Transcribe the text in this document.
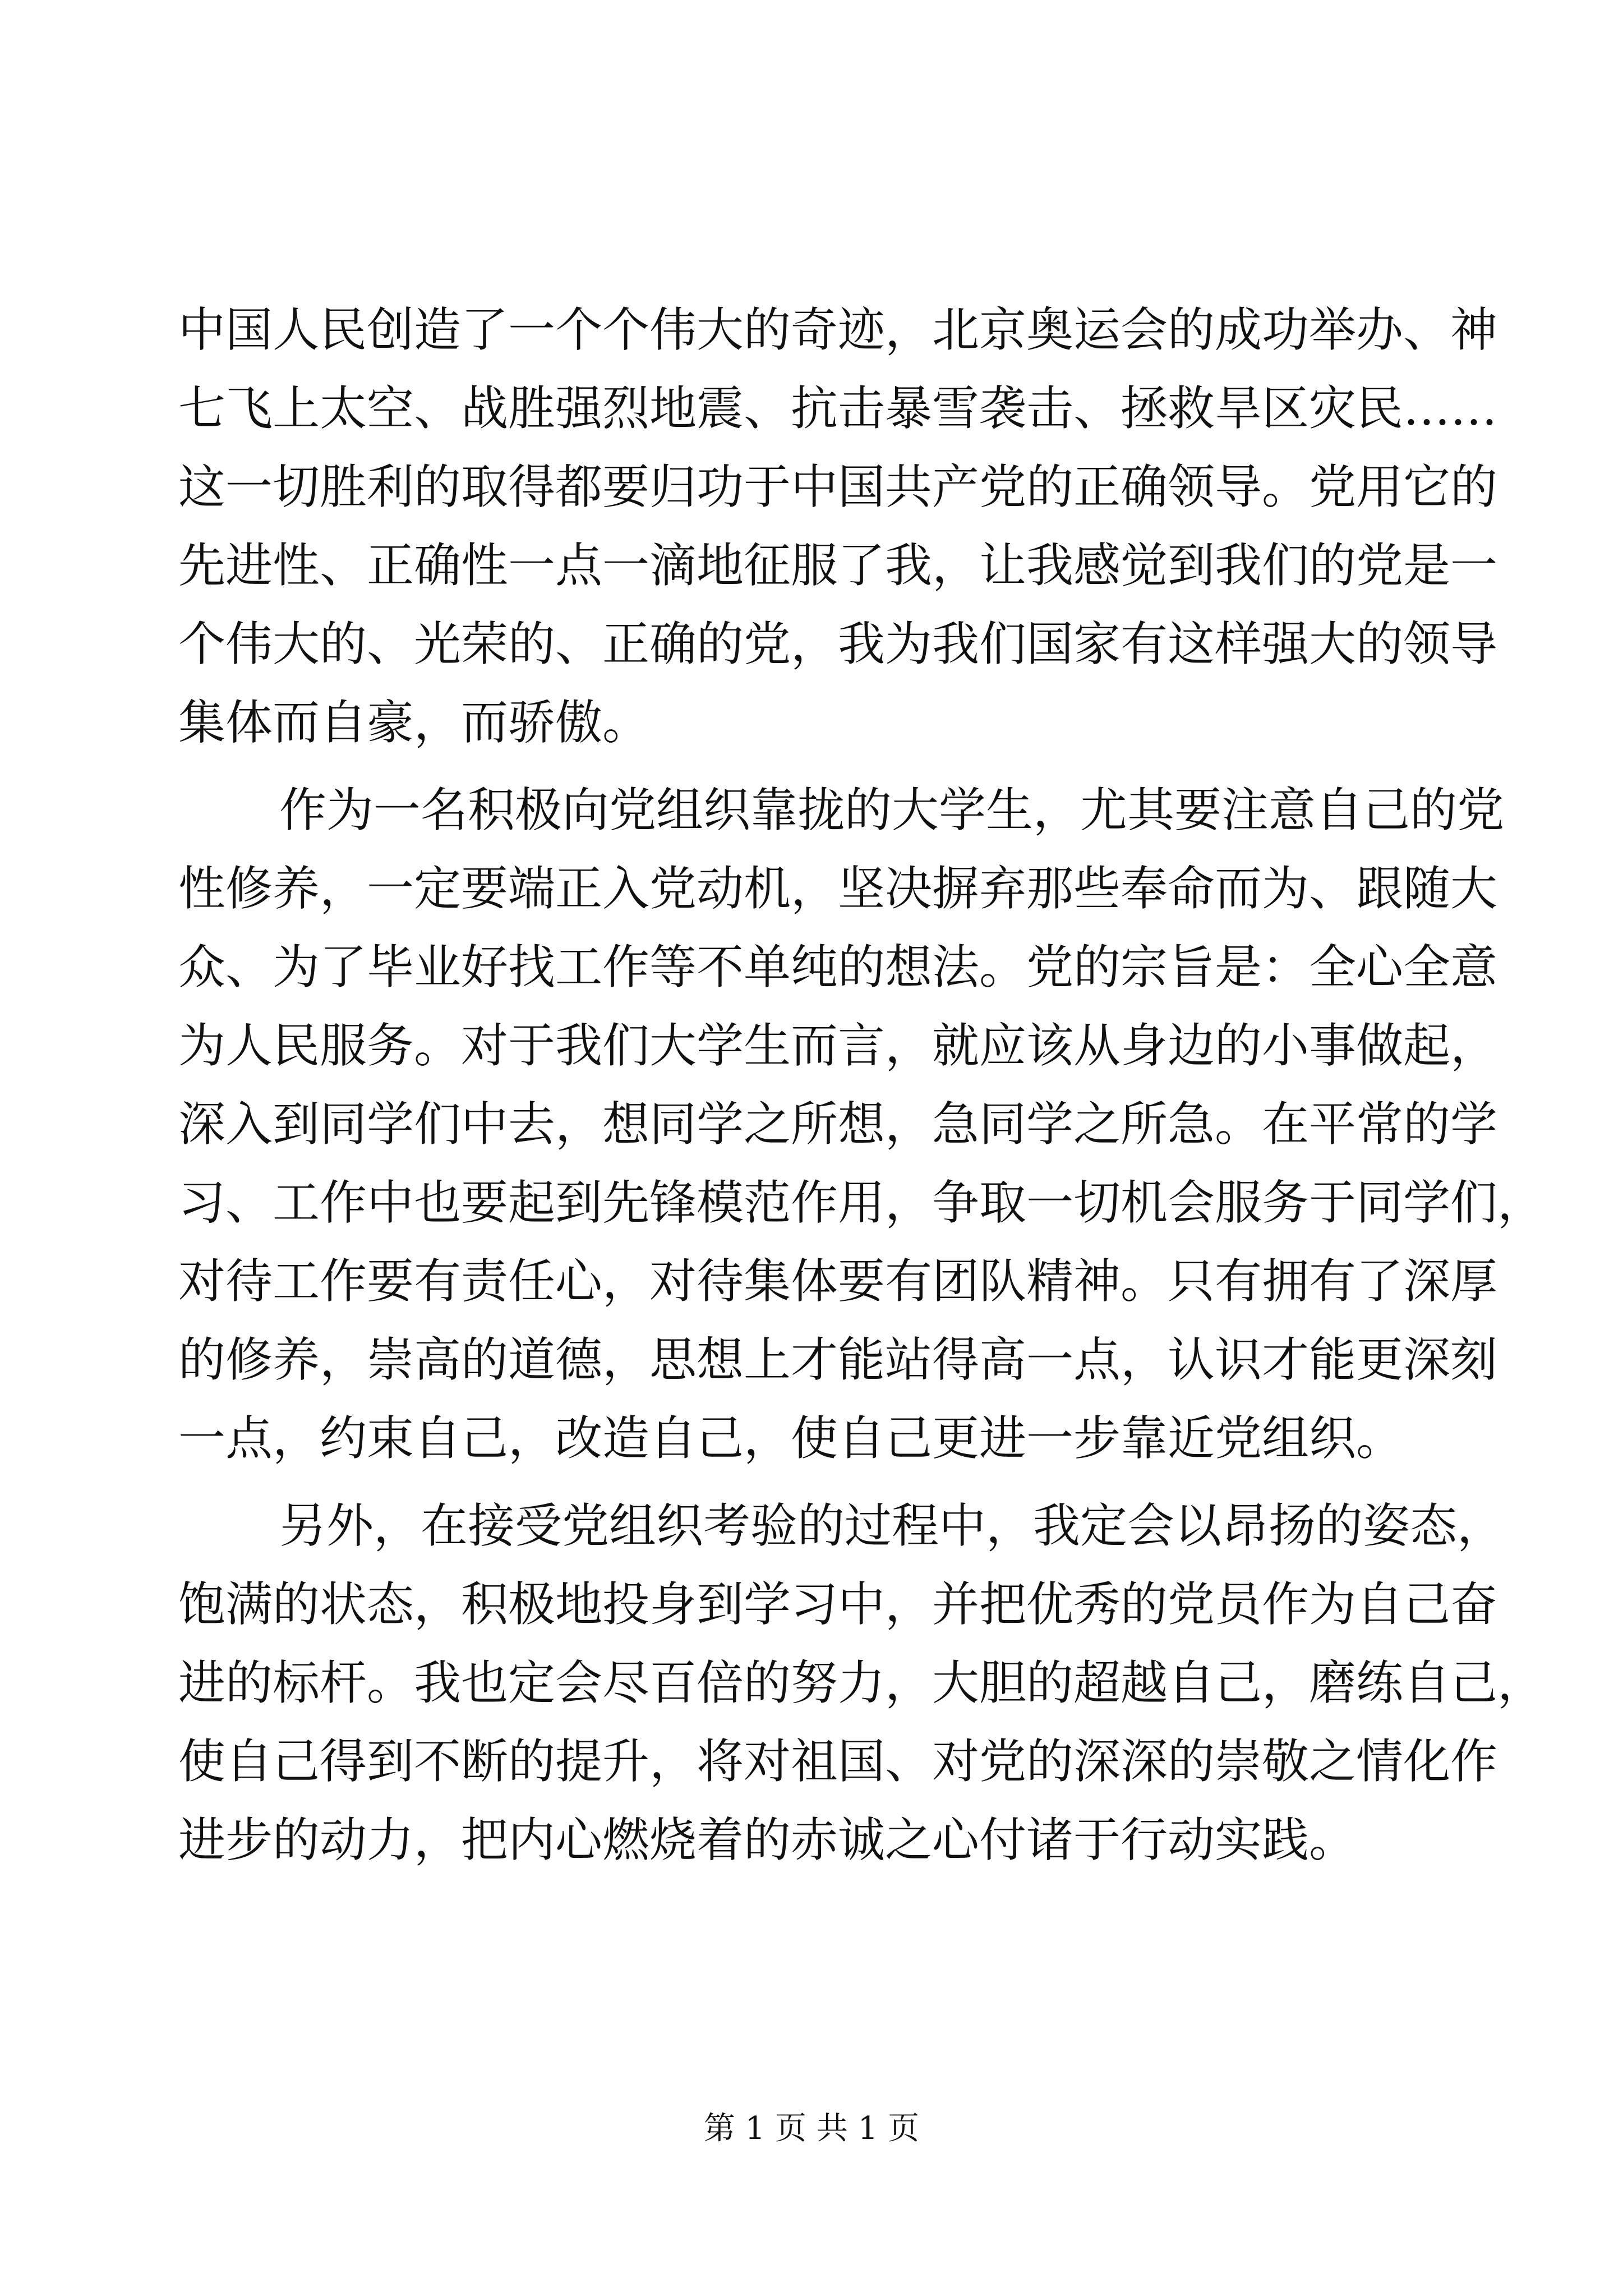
中国人民创造了一个个伟大的奇迹，北京奥运会的成功举办、神
七飞上太空、战胜强烈地震、抗击暴雪袭击、拯救旱区灾民……
这一切胜利的取得都要归功于中国共产党的正确领导。党用它的
先进性、正确性一点一滴地征服了我，让我感觉到我们的党是一
个伟大的、光荣的、正确的党，我为我们国家有这样强大的领导
集体而自豪，而骄傲。
作为一名积极向党组织靠拢的大学生，尤其要注意自己的党
性修养，一定要端正入党动机，坚决摒弃那些奉命而为、跟随大
众、为了毕业好找工作等不单纯的想法。党的宗旨是：全心全意
为人民服务。对于我们大学生而言，就应该从身边的小事做起，
深入到同学们中去，想同学之所想，急同学之所急。在平常的学
习、工作中也要起到先锋模范作用，争取一切机会服务于同学们，
对待工作要有责任心，对待集体要有团队精神。只有拥有了深厚
的修养，崇高的道德，思想上才能站得高一点，认识才能更深刻
一点，约束自己，改造自己，使自己更进一步靠近党组织。
另外，在接受党组织考验的过程中，我定会以昂扬的姿态，
饱满的状态，积极地投身到学习中，并把优秀的党员作为自己奋
进的标杆。我也定会尽百倍的努力，大胆的超越自己，磨练自己，
使自己得到不断的提升，将对祖国、对党的深深的崇敬之情化作
进步的动力，把内心燃烧着的赤诚之心付诸于行动实践。
第 1 页 共 1 页
